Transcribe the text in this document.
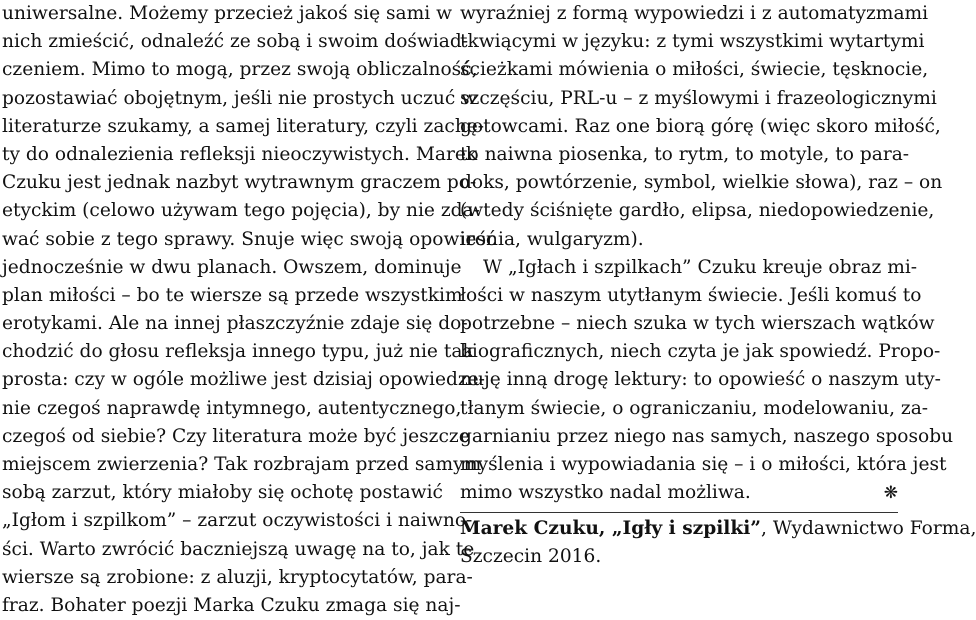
uniwersalne. Możemy przecież jakoś się sami w
nich zmieścić, odnaleźć ze sobą i swoim doświad-
czeniem. Mimo to mogą, przez swoją obliczalność,
pozostawiać obojętnym, jeśli nie prostych uczuć w
literaturze szukamy, a samej literatury, czyli zachę-
ty do odnalezienia refleksji nieoczywistych. Marek
Czuku jest jednak nazbyt wytrawnym graczem po-
etyckim (celowo używam tego pojęcia), by nie zda-
wać sobie z tego sprawy. Snuje więc swoją opowieść
jednocześnie w dwu planach. Owszem, dominuje
plan miłości – bo te wiersze są przede wszystkim
erotykami. Ale na innej płaszczyźnie zdaje się do-
chodzić do głosu refleksja innego typu, już nie tak
prosta: czy w ogóle możliwe jest dzisiaj opowiedze-
nie czegoś naprawdę intymnego, autentycznego,
czegoś od siebie? Czy literatura może być jeszcze
miejscem zwierzenia? Tak rozbrajam przed samym
sobą zarzut, który miałoby się ochotę postawić
„Igłom i szpilkom” – zarzut oczywistości i naiwno-
ści. Warto zwrócić baczniejszą uwagę na to, jak te
wiersze są zrobione: z aluzji, kryptocytatów, para-
fraz. Bohater poezji Marka Czuku zmaga się naj-
wyraźniej z formą wypowiedzi i z automatyzmami
tkwiącymi w języku: z tymi wszystkimi wytartymi
ścieżkami mówienia o miłości, świecie, tęsknocie,
szczęściu, PRL-u – z myślowymi i frazeologicznymi
gotowcami. Raz one biorą górę (więc skoro miłość,
to naiwna piosenka, to rytm, to motyle, to para-
doks, powtórzenie, symbol, wielkie słowa), raz – on
(wtedy ściśnięte gardło, elipsa, niedopowiedzenie,
ironia, wulgaryzm).
W „Igłach i szpilkach” Czuku kreuje obraz mi-
łości w naszym utytłanym świecie. Jeśli komuś to
potrzebne – niech szuka w tych wierszach wątków
biograficznych, niech czyta je jak spowiedź. Propo-
nuję inną drogę lektury: to opowieść o naszym uty-
tłanym świecie, o ograniczaniu, modelowaniu, za-
garnianiu przez niego nas samych, naszego sposobu
myślenia i wypowiadania się – i o miłości, która jest
mimo wszystko nadal możliwa.	❋
Marek Czuku, „Igły i szpilki”, Wydawnictwo Forma,
Szczecin 2016.
